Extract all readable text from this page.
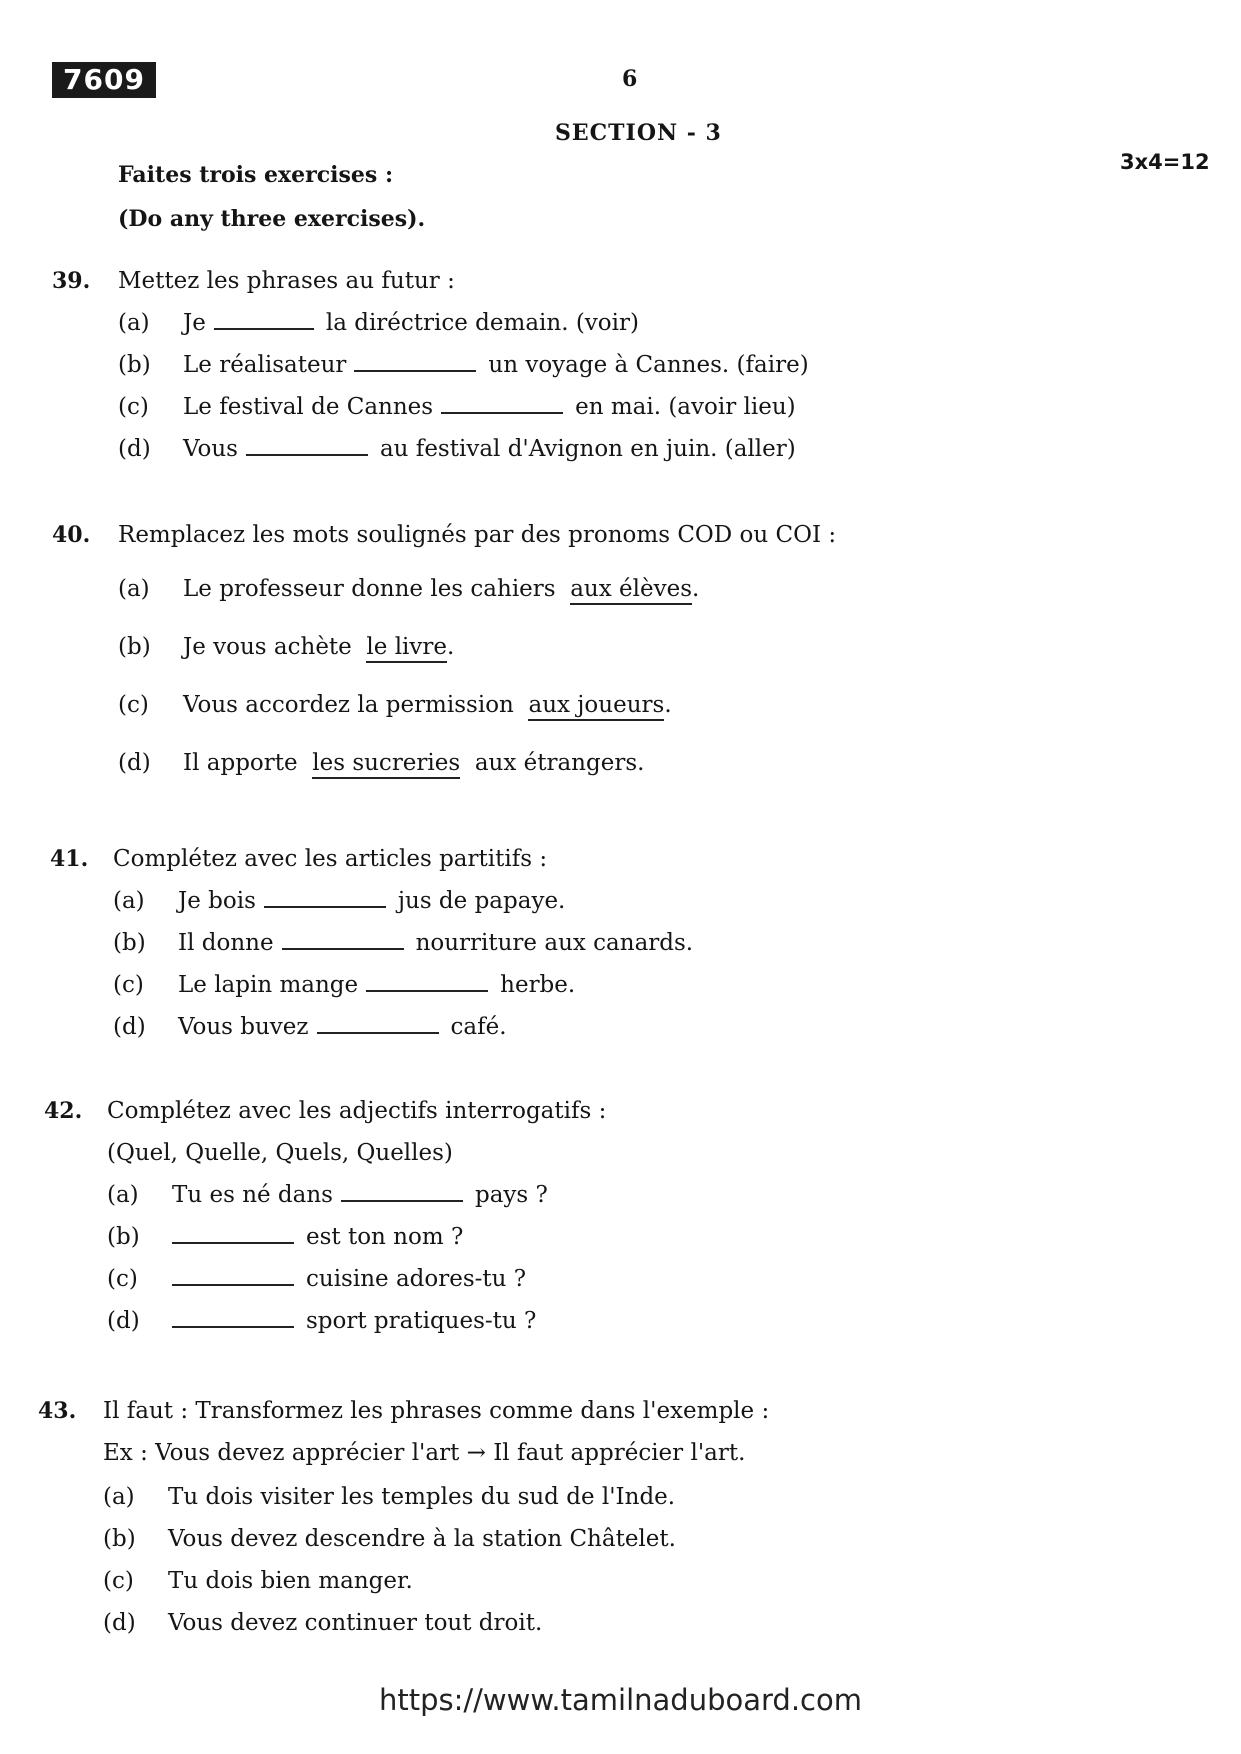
7609	6
SECTION - 3
3x4=12
Faites trois exercises :
(Do any three exercises).
39. Mettez les phrases au futur :
(a) Je	la diréctrice demain. (voir)
(b) Le réalisateur	un voyage à Cannes. (faire)
(c) Le festival de Cannes	en mai. (avoir lieu)
(d) Vous	au festival d'Avignon en juin. (aller)
40. Remplacez les mots soulignés par des pronoms COD ou COI :
(a) Le professeur donne les cahiers aux élèves.
(b) Je vous achète le livre.
(c) Vous accordez la permission aux joueurs.
(d) Il apporte les sucreries aux étrangers.
41. Complétez avec les articles partitifs :
(a) Je bois	jus de papaye.
(b) Il donne	nourriture aux canards.
(c) Le lapin mange	herbe.
(d) Vous buvez	café.
42. Complétez avec les adjectifs interrogatifs :
(Quel, Quelle, Quels, Quelles)
(a) Tu es né dans	pays ?
(b)	est ton nom ?
(c)	cuisine adores-tu ?
(d)	sport pratiques-tu ?
43. Il faut : Transformez les phrases comme dans l'exemple :
Ex : Vous devez apprécier l'art → Il faut apprécier l'art.
(a) Tu dois visiter les temples du sud de l'Inde.
(b) Vous devez descendre à la station Châtelet.
(c) Tu dois bien manger.
(d) Vous devez continuer tout droit.
https://www.tamilnaduboard.com
